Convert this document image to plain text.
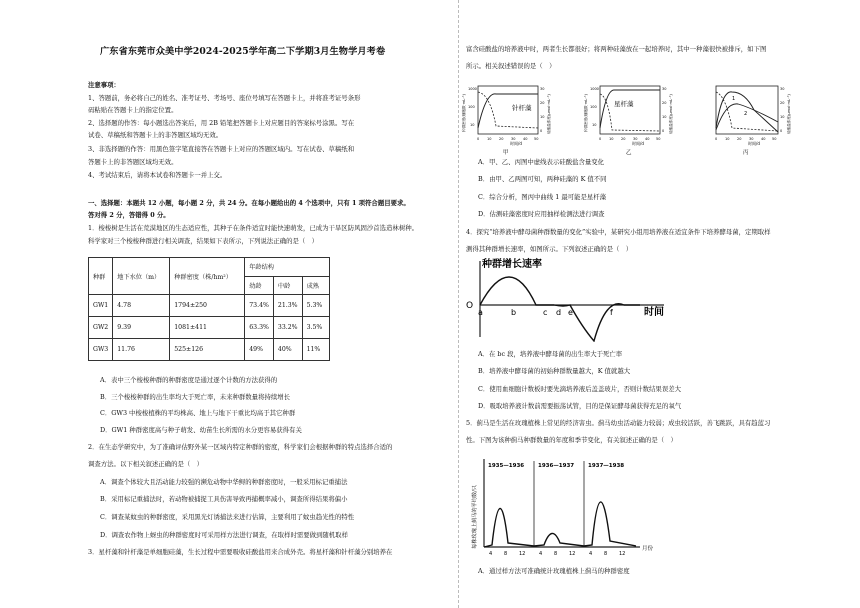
广东省东莞市众美中学2024-2025学年高二下学期3月生物学月考卷
注意事项：
1、答题前，务必将自己的姓名、准考证号、考场号、座位号填写在答题卡上，并将准考证号条形
码粘贴在答题卡上的指定位置。
2、选择题的作答：每小题选出答案后，用 2B 铅笔把答题卡上对应题目的答案标号涂黑。写在
试卷、草稿纸和答题卡上的非答题区域均无效。
3、非选择题的作答：用黑色签字笔直接答在答题卡上对应的答题区域内。写在试卷、草稿纸和
答题卡上的非答题区域均无效。
4、考试结束后，请将本试卷和答题卡一并上交。
一、选择题：本题共 12 小题，每小题 2 分，共 24 分。在每小题给出的 4 个选项中，只有 1 项符合题目要求。
答对得 2 分，答错得 0 分。
1．梭梭树是生活在荒漠地区的生态适应性，其种子在条件适宜时能快速萌发，已成为干旱区防风固沙首选造林树种。
科学家对三个梭梭种群进行相关调查，结果如下表所示，下列说法正确的是（　）
种群	地下水位（m）	种群密度（株/hm²）	年龄结构		
			幼龄	中龄	成熟
GW1	4.78	1794±250	73.4%	21.3%	5.3%
GW2	9.39	1081±411	63.3%	33.2%	3.5%
GW3	11.76	525±126	49%	40%	11%
A．表中三个梭梭种群的种群密度是通过逐个计数的方法获得的
B．三个梭梭种群的出生率均大于死亡率，未来种群数量将持续增长
C．GW3 中梭梭植株的平均株高、地上与地下干重比均高于其它种群
D．GW1 种群密度高与种子萌发、幼苗生长所需的水分更容易获得有关
2．在生态学研究中，为了准确评估野外某一区域内特定种群的密度，科学家们会根据种群的特点选择合适的
调查方法。以下相关叙述正确的是（　）
A．调查个体较大且活动能力较强的濒危动物中华鲟的种群密度时，一般采用标记重捕法
B．采用标记重捕法时，若动物被捕捉工具伤害导致再捕概率减小，调查所得结果将偏小
C．调查某蚊虫的种群密度，采用黑光灯诱捕法来进行估算，主要利用了蚊虫趋光性的特性
D．调查农作物上蚜虫的种群密度时可采用样方法进行调查，在取样时需要做到随机取样
3．星杆藻和针杆藻是单细胞硅藻，生长过程中需要吸收硅酸盐用来合成外壳。将星杆藻和针杆藻分别培养在
富含硅酸盐的培养液中时，两者生长都很好；将两种硅藻放在一起培养时，其中一种藻很快被排斥，如下图
所示。相关叙述错误的是（　）
针杆藻
1000
100
10
30
20
10
0
0 10 20 30 40 50
时间/d
甲
种群密度(细胞数·mL⁻¹)	硅酸盐浓度(μmol·mL⁻¹)	星杆藻
1000
100
10
30
20
10
0
0 10 20 30 40 50
时间/d
乙
种群密度(细胞数·mL⁻¹)	硅酸盐浓度(μmol·mL⁻¹)	1
2
30
20
10
0
0 10 20 30 40 50
时间/d
丙
硅酸盐浓度(μmol·mL⁻¹)
A．甲、乙、丙图中虚线表示硅酸盐含量变化
B．由甲、乙两图可知，两种硅藻的 K 值不同
C．综合分析，图丙中曲线 1 最可能是星杆藻
D．估测硅藻密度时应用抽样检测法进行调查
4．探究“培养液中酵母菌种群数量的变化”实验中，某研究小组用培养液在适宜条件下培养酵母菌，定期取样
测得其种群增长速率，如图所示。下列叙述正确的是（　）
种群增长速率
O
a	b	c d e	f	时间
A．在 bc 段，培养液中酵母菌的出生率大于死亡率
B．培养液中酵母菌的初始种群数量越大，K 值就越大
C．使用血细胞计数板时要先滴培养液后盖盖玻片，否则计数结果误差大
D．吸取培养液计数前需要振荡试管，目的是保证酵母菌获得充足的氧气
5．蓟马是生活在玫瑰植株上常见的经济害虫。蓟马幼虫活动能力较弱；成虫较活跃，善飞跳跃，具有趋蓝习
性。下图为该种蓟马种群数量的年度和季节变化，有关叙述正确的是（　）
1935—1936	1936—1937	1937—1938
4 8 12	4 8 12	4 8 12
月份
每株玫瑰上蓟马的平均数/只
A．通过样方法可准确统计玫瑰植株上蓟马的种群密度
